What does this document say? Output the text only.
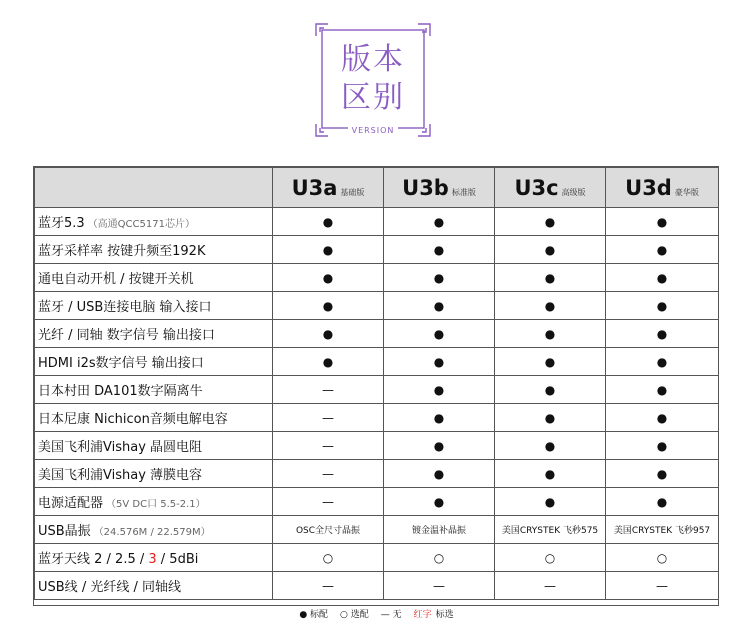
版本
区别
VERSION
	U3a 基础版	U3b 标准版	U3c 高级版	U3d 豪华版
蓝牙5.3 （高通QCC5171芯片）	●	●	●	●
蓝牙采样率 按键升频至192K	●	●	●	●
通电自动开机 / 按键开关机	●	●	●	●
蓝牙 / USB连接电脑 输入接口	●	●	●	●
光纤 / 同轴 数字信号 输出接口	●	●	●	●
HDMI i2s数字信号 输出接口	●	●	●	●
日本村田 DA101数字隔离牛	—	●	●	●
日本尼康 Nichicon音频电解电容	—	●	●	●
美国飞利浦Vishay 晶圆电阻	—	●	●	●
美国飞利浦Vishay 薄膜电容	—	●	●	●
电源适配器 （5V DC口 5.5-2.1）	—	●	●	●
USB晶振 （24.576M / 22.579M）	OSC全尺寸晶振	镀金温补晶振	美国CRYSTEK 飞秒575	美国CRYSTEK 飞秒957
蓝牙天线 2 / 2.5 / 3 / 5dBi	○	○	○	○
USB线 / 光纤线 / 同轴线	—	—	—	—
● 标配 ○ 选配 — 无 红字 标选				
